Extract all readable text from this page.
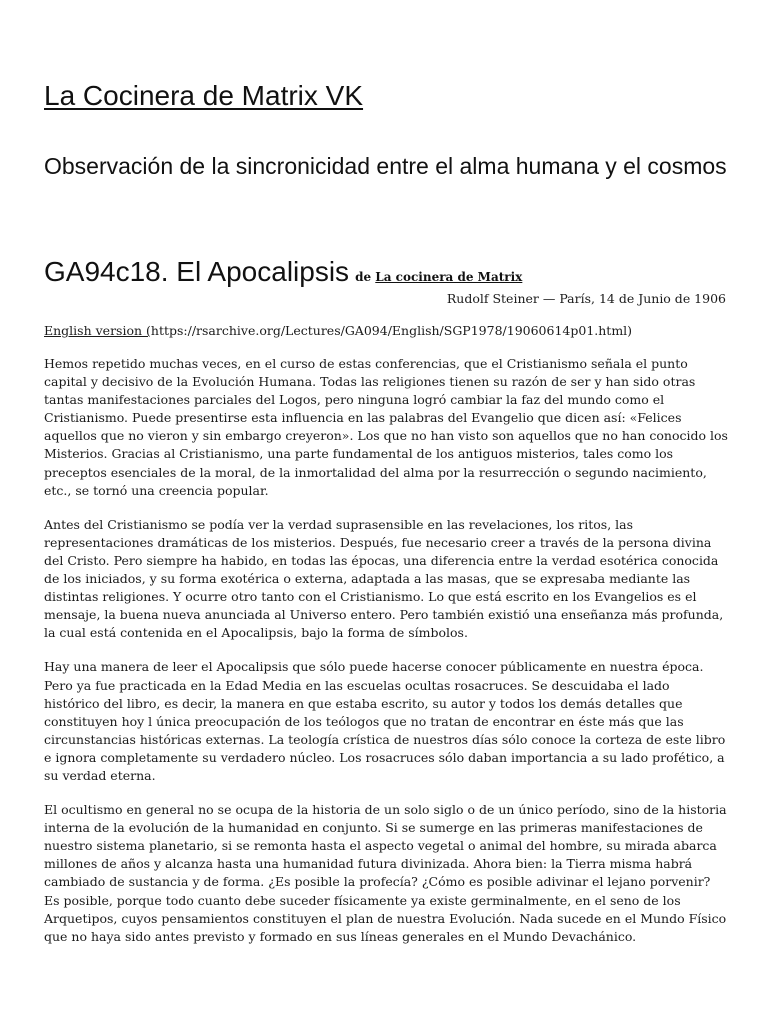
La Cocinera de Matrix VK
Observación de la sincronicidad entre el alma humana y el cosmos
GA94c18. El Apocalipsis de La cocinera de Matrix
Rudolf Steiner — París, 14 de Junio de 1906
English version (https://rsarchive.org/Lectures/GA094/English/SGP1978/19060614p01.html)

Hemos repetido muchas veces, en el curso de estas conferencias, que el Cristianismo señala el punto capital y decisivo de la Evolución Humana. Todas las religiones tienen su razón de ser y han sido otras tantas manifestaciones parciales del Logos, pero ninguna logró cambiar la faz del mundo como el Cristianismo. Puede presentirse esta influencia en las palabras del Evangelio que dicen así: «Felices aquellos que no vieron y sin embargo creyeron». Los que no han visto son aquellos que no han conocido los Misterios. Gracias al Cristianismo, una parte fundamental de los antiguos misterios, tales como los preceptos esenciales de la moral, de la inmortalidad del alma por la resurrección o segundo nacimiento, etc., se tornó una creencia popular.

Antes del Cristianismo se podía ver la verdad suprasensible en las revelaciones, los ritos, las representaciones dramáticas de los misterios. Después, fue necesario creer a través de la persona divina del Cristo. Pero siempre ha habido, en todas las épocas, una diferencia entre la verdad esotérica conocida de los iniciados, y su forma exotérica o externa, adaptada a las masas, que se expresaba mediante las distintas religiones. Y ocurre otro tanto con el Cristianismo. Lo que está escrito en los Evangelios es el mensaje, la buena nueva anunciada al Universo entero. Pero también existió una enseñanza más profunda, la cual está contenida en el Apocalipsis, bajo la forma de símbolos.

Hay una manera de leer el Apocalipsis que sólo puede hacerse conocer públicamente en nuestra época. Pero ya fue practicada en la Edad Media en las escuelas ocultas rosacruces. Se descuidaba el lado histórico del libro, es decir, la manera en que estaba escrito, su autor y todos los demás detalles que constituyen hoy l única preocupación de los teólogos que no tratan de encontrar en éste más que las circunstancias históricas externas. La teología crística de nuestros días sólo conoce la corteza de este libro e ignora completamente su verdadero núcleo. Los rosacruces sólo daban importancia a su lado profético, a su verdad eterna.

El ocultismo en general no se ocupa de la historia de un solo siglo o de un único período, sino de la historia interna de la evolución de la humanidad en conjunto. Si se sumerge en las primeras manifestaciones de nuestro sistema planetario, si se remonta hasta el aspecto vegetal o animal del hombre, su mirada abarca millones de años y alcanza hasta una humanidad futura divinizada. Ahora bien: la Tierra misma habrá cambiado de sustancia y de forma. ¿Es posible la profecía? ¿Cómo es posible adivinar el lejano porvenir? Es posible, porque todo cuanto debe suceder físicamente ya existe germinalmente, en el seno de los Arquetipos, cuyos pensamientos constituyen el plan de nuestra Evolución. Nada sucede en el Mundo Físico que no haya sido antes previsto y formado en sus líneas generales en el Mundo Devachánico.
